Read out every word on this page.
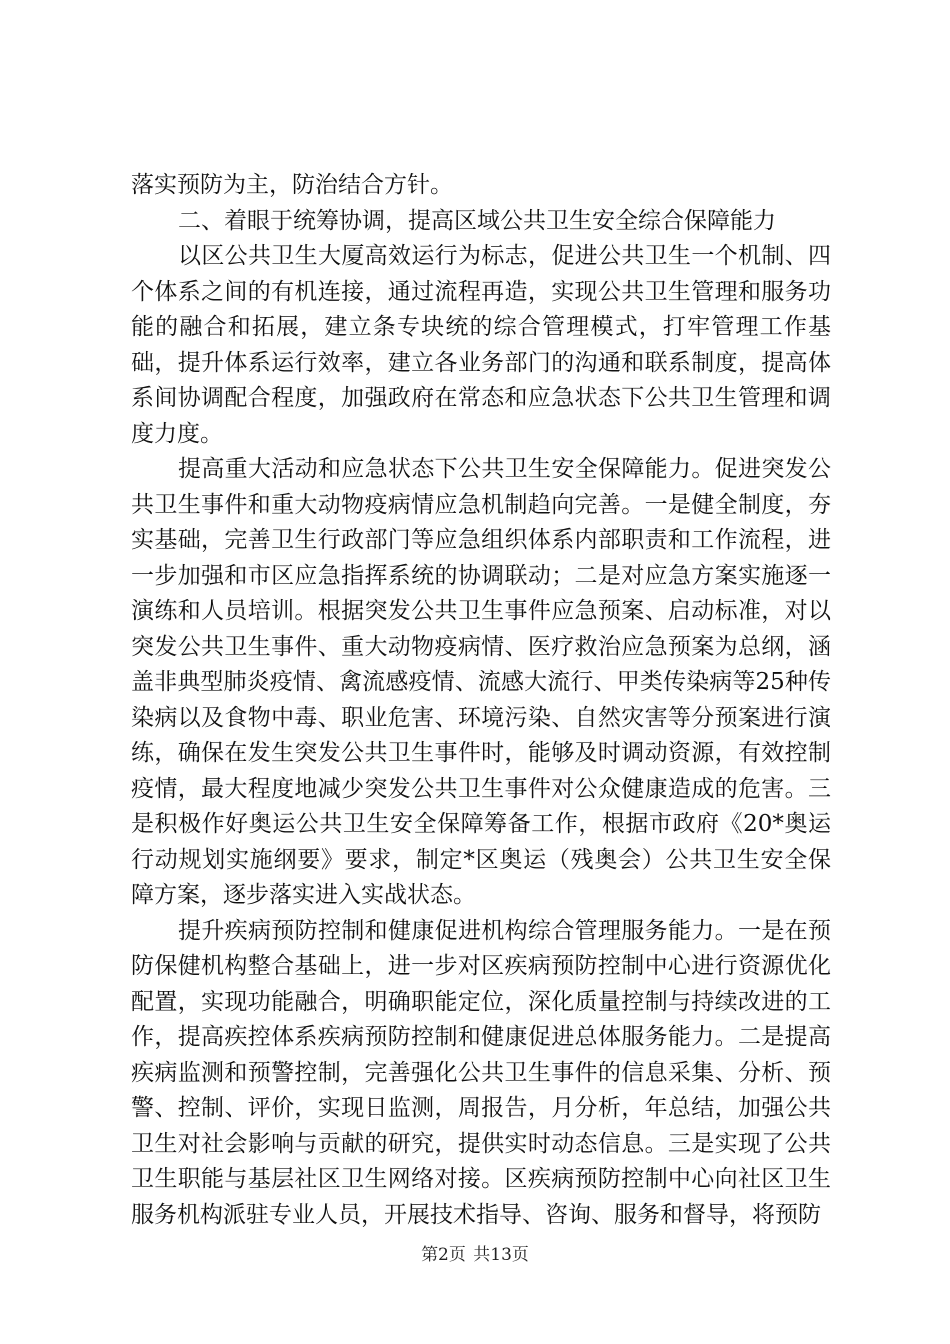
落实预防为主，防治结合方针。

二、着眼于统筹协调，提高区域公共卫生安全综合保障能力

以区公共卫生大厦高效运行为标志，促进公共卫生一个机制、四个体系之间的有机连接，通过流程再造，实现公共卫生管理和服务功能的融合和拓展，建立条专块统的综合管理模式，打牢管理工作基础，提升体系运行效率，建立各业务部门的沟通和联系制度，提高体系间协调配合程度，加强政府在常态和应急状态下公共卫生管理和调度力度。

提高重大活动和应急状态下公共卫生安全保障能力。促进突发公共卫生事件和重大动物疫病情应急机制趋向完善。一是健全制度，夯实基础，完善卫生行政部门等应急组织体系内部职责和工作流程，进一步加强和市区应急指挥系统的协调联动；二是对应急方案实施逐一演练和人员培训。根据突发公共卫生事件应急预案、启动标准，对以突发公共卫生事件、重大动物疫病情、医疗救治应急预案为总纲，涵盖非典型肺炎疫情、禽流感疫情、流感大流行、甲类传染病等25种传染病以及食物中毒、职业危害、环境污染、自然灾害等分预案进行演练，确保在发生突发公共卫生事件时，能够及时调动资源，有效控制疫情，最大程度地减少突发公共卫生事件对公众健康造成的危害。三是积极作好奥运公共卫生安全保障筹备工作，根据市政府《20*奥运行动规划实施纲要》要求，制定*区奥运（残奥会）公共卫生安全保障方案，逐步落实进入实战状态。

提升疾病预防控制和健康促进机构综合管理服务能力。一是在预防保健机构整合基础上，进一步对区疾病预防控制中心进行资源优化配置，实现功能融合，明确职能定位，深化质量控制与持续改进的工作，提高疾控体系疾病预防控制和健康促进总体服务能力。二是提高疾病监测和预警控制，完善强化公共卫生事件的信息采集、分析、预警、控制、评价，实现日监测，周报告，月分析，年总结，加强公共卫生对社会影响与贡献的研究，提供实时动态信息。三是实现了公共卫生职能与基层社区卫生网络对接。区疾病预防控制中心向社区卫生服务机构派驻专业人员，开展技术指导、咨询、服务和督导，将预防

第2页 共13页
